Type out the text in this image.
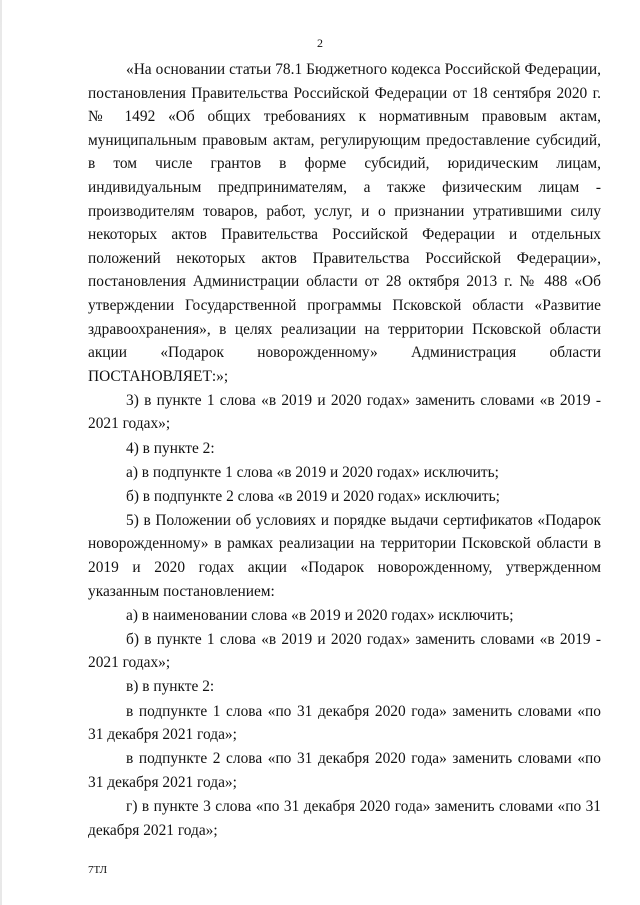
2

«На основании статьи 78.1 Бюджетного кодекса Российской Федерации, постановления Правительства Российской Федерации от 18 сентября 2020 г. № 1492 «Об общих требованиях к нормативным правовым актам, муниципальным правовым актам, регулирующим предоставление субсидий, в том числе грантов в форме субсидий, юридическим лицам, индивидуальным предпринимателям, а также физическим лицам - производителям товаров, работ, услуг, и о признании утратившими силу некоторых актов Правительства Российской Федерации и отдельных положений некоторых актов Правительства Российской Федерации», постановления Администрации области от 28 октября 2013 г. № 488 «Об утверждении Государственной программы Псковской области «Развитие здравоохранения», в целях реализации на территории Псковской области акции «Подарок новорожденному» Администрация области ПОСТАНОВЛЯЕТ:»;

3) в пункте 1 слова «в 2019 и 2020 годах» заменить словами «в 2019 - 2021 годах»;

4) в пункте 2:

а) в подпункте 1 слова «в 2019 и 2020 годах» исключить;

б) в подпункте 2 слова «в 2019 и 2020 годах» исключить;

5) в Положении об условиях и порядке выдачи сертификатов «Подарок новорожденному» в рамках реализации на территории Псковской области в 2019 и 2020 годах акции «Подарок новорожденному, утвержденном указанным постановлением:

а) в наименовании слова «в 2019 и 2020 годах» исключить;

б) в пункте 1 слова «в 2019 и 2020 годах» заменить словами «в 2019 - 2021 годах»;

в) в пункте 2:

в подпункте 1 слова «по 31 декабря 2020 года» заменить словами «по 31 декабря 2021 года»;

в подпункте 2 слова «по 31 декабря 2020 года» заменить словами «по 31 декабря 2021 года»;

г) в пункте 3 слова «по 31 декабря 2020 года» заменить словами «по 31 декабря 2021 года»;

7ТЛ
